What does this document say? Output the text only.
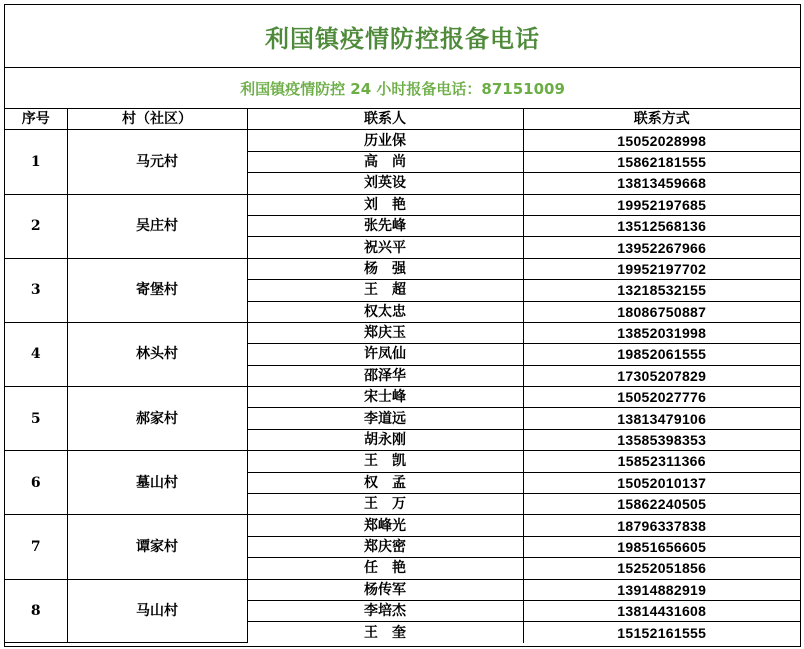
利国镇疫情防控报备电话
利国镇疫情防控 24 小时报备电话：87151009
序号	村（社区）	联系人	联系方式
1	马元村	历业保	15052028998
		高　尚	15862181555
		刘英设	13813459668
2	吴庄村	刘　艳	19952197685
		张先峰	13512568136
		祝兴平	13952267966
3	寄堡村	杨　强	19952197702
		王　超	13218532155
		权太忠	18086750887
4	林头村	郑庆玉	13852031998
		许凤仙	19852061555
		邵泽华	17305207829
5	郝家村	宋士峰	15052027776
		李道远	13813479106
		胡永刚	13585398353
6	墓山村	王　凯	15852311366
		权　孟	15052010137
		王　万	15862240505
7	谭家村	郑峰光	18796337838
		郑庆密	19851656605
		任　艳	15252051856
8	马山村	杨传军	13914882919
		李培杰	13814431608
		王　奎	15152161555
